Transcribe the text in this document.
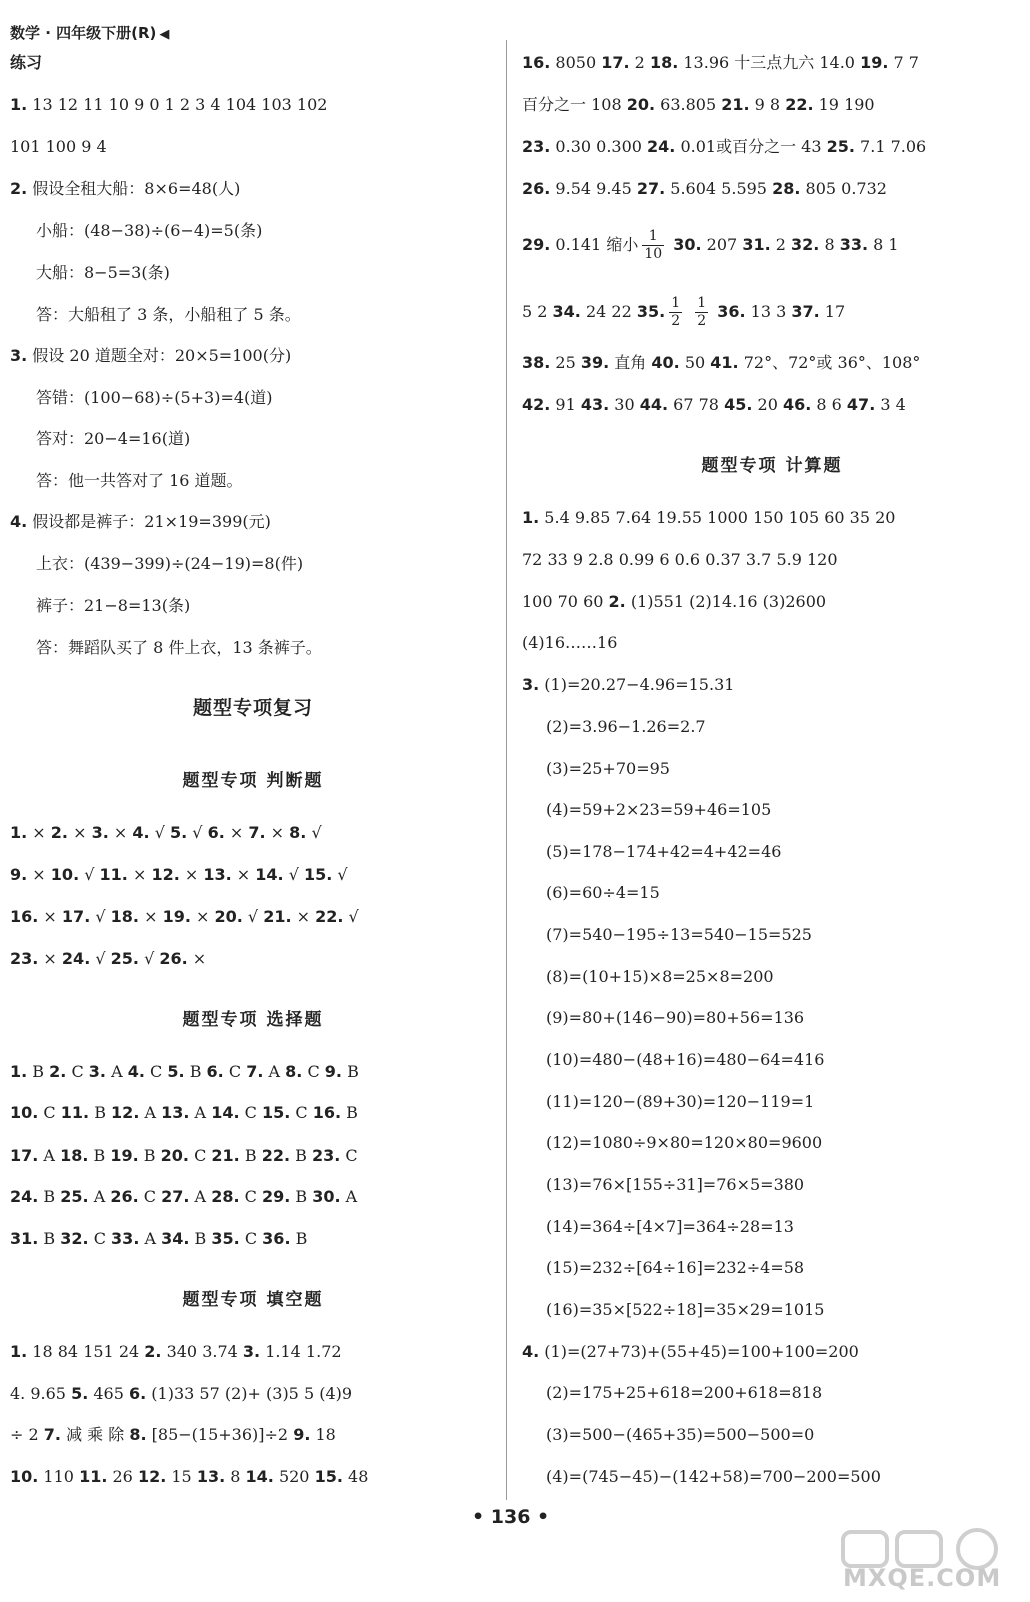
数学 · 四年级下册(R) ◀
练习
1. 13 12 11 10 9 0 1 2 3 4 104 103 102
101 100 9 4
2. 假设全租大船：8×6=48(人)
小船：(48−38)÷(6−4)=5(条)
大船：8−5=3(条)
答：大船租了 3 条，小船租了 5 条。
3. 假设 20 道题全对：20×5=100(分)
答错：(100−68)÷(5+3)=4(道)
答对：20−4=16(道)
答：他一共答对了 16 道题。
4. 假设都是裤子：21×19=399(元)
上衣：(439−399)÷(24−19)=8(件)
裤子：21−8=13(条)
答：舞蹈队买了 8 件上衣，13 条裤子。
题型专项复习
题型专项 判断题
1. × 2. × 3. × 4. √ 5. √ 6. × 7. × 8. √
9. × 10. √ 11. × 12. × 13. × 14. √ 15. √
16. × 17. √ 18. × 19. × 20. √ 21. × 22. √
23. × 24. √ 25. √ 26. ×
题型专项 选择题
1. B 2. C 3. A 4. C 5. B 6. C 7. A 8. C 9. B
10. C 11. B 12. A 13. A 14. C 15. C 16. B
17. A 18. B 19. B 20. C 21. B 22. B 23. C
24. B 25. A 26. C 27. A 28. C 29. B 30. A
31. B 32. C 33. A 34. B 35. C 36. B
题型专项 填空题
1. 18 84 151 24 2. 340 3.74 3. 1.14 1.72
4. 9.65 5. 465 6. (1)33 57 (2)+ (3)5 5 (4)9
÷ 2 7. 减 乘 除 8. [85−(15+36)]÷2 9. 18
10. 110 11. 26 12. 15 13. 8 14. 520 15. 48
16. 8050 17. 2 18. 13.96 十三点九六 14.0 19. 7 7
百分之一 108 20. 63.805 21. 9 8 22. 19 190
23. 0.30 0.300 24. 0.01或百分之一 43 25. 7.1 7.06
26. 9.54 9.45 27. 5.604 5.595 28. 805 0.732
29. 0.141 缩小 $\frac{1}{10} 30$. 207 31. 2 32. 8 33. 8 1
5 2 34. 24 22 35. $\frac{1}{2}$
$\frac{1}{2} 36$. 13 3 37. 17
38. 25 39. 直角 40. 50 41. 72°、72°或 36°、108°
42. 91 43. 30 44. 67 78 45. 20 46. 8 6 47. 3 4
题型专项 计算题
1. 5.4 9.85 7.64 19.55 1000 150 105 60 35 20
72 33 9 2.8 0.99 6 0.6 0.37 3.7 5.9 120
100 70 60 2. (1)551 (2)14.16 (3)2600
(4)16……16
3. (1)=20.27−4.96=15.31
(2)=3.96−1.26=2.7
(3)=25+70=95
(4)=59+2×23=59+46=105
(5)=178−174+42=4+42=46
(6)=60÷4=15
(7)=540−195÷13=540−15=525
(8)=(10+15)×8=25×8=200
(9)=80+(146−90)=80+56=136
(10)=480−(48+16)=480−64=416
(11)=120−(89+30)=120−119=1
(12)=1080÷9×80=120×80=9600
(13)=76×[155÷31]=76×5=380
(14)=364÷[4×7]=364÷28=13
(15)=232÷[64÷16]=232÷4=58
(16)=35×[522÷18]=35×29=1015
4. (1)=(27+73)+(55+45)=100+100=200
(2)=175+25+618=200+618=818
(3)=500−(465+35)=500−500=0
(4)=(745−45)−(142+58)=700−200=500
• 136 •
MXQE.COM
